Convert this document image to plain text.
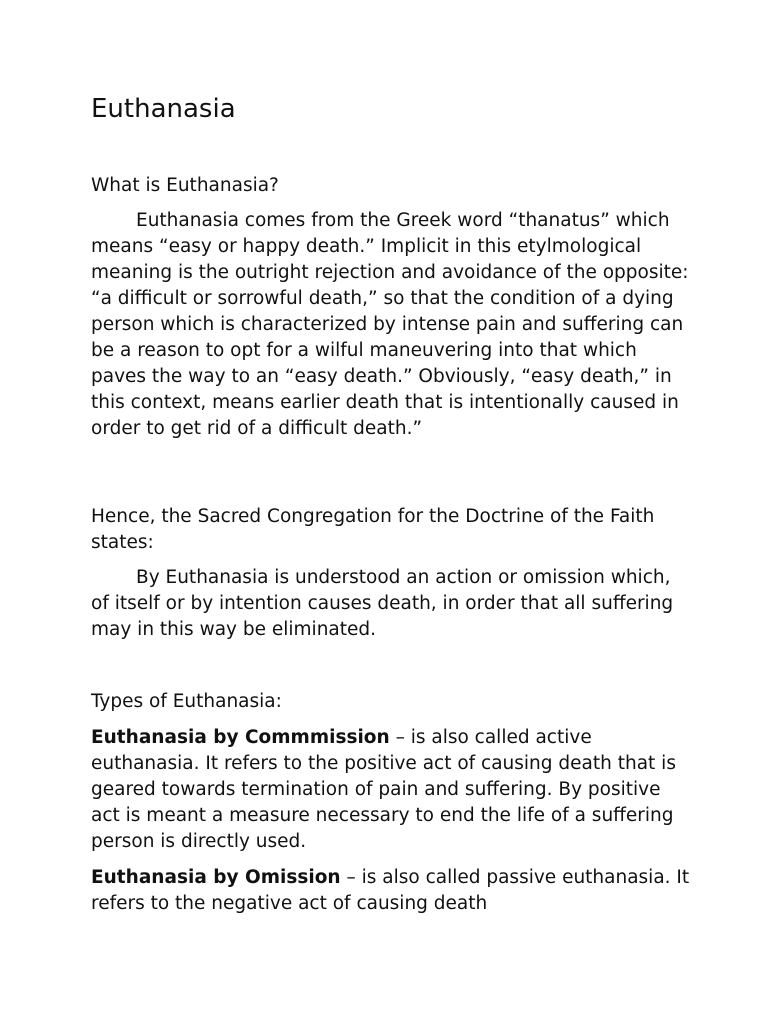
Euthanasia

What is Euthanasia?

Euthanasia comes from the Greek word “thanatus” which means “easy or happy death.” Implicit in this etylmological meaning is the outright rejection and avoidance of the opposite: “a difficult or sorrowful death,” so that the condition of a dying person which is characterized by intense pain and suffering can be a reason to opt for a wilful maneuvering into that which paves the way to an “easy death.” Obviously, “easy death,” in this context, means earlier death that is intentionally caused in order to get rid of a difficult death.”

Hence, the Sacred Congregation for the Doctrine of the Faith states:

By Euthanasia is understood an action or omission which, of itself or by intention causes death, in order that all suffering may in this way be eliminated.

Types of Euthanasia:

Euthanasia by Commmission – is also called active euthanasia. It refers to the positive act of causing death that is geared towards termination of pain and suffering. By positive act is meant a measure necessary to end the life of a suffering person is directly used.

Euthanasia by Omission – is also called passive euthanasia. It refers to the negative act of causing death
